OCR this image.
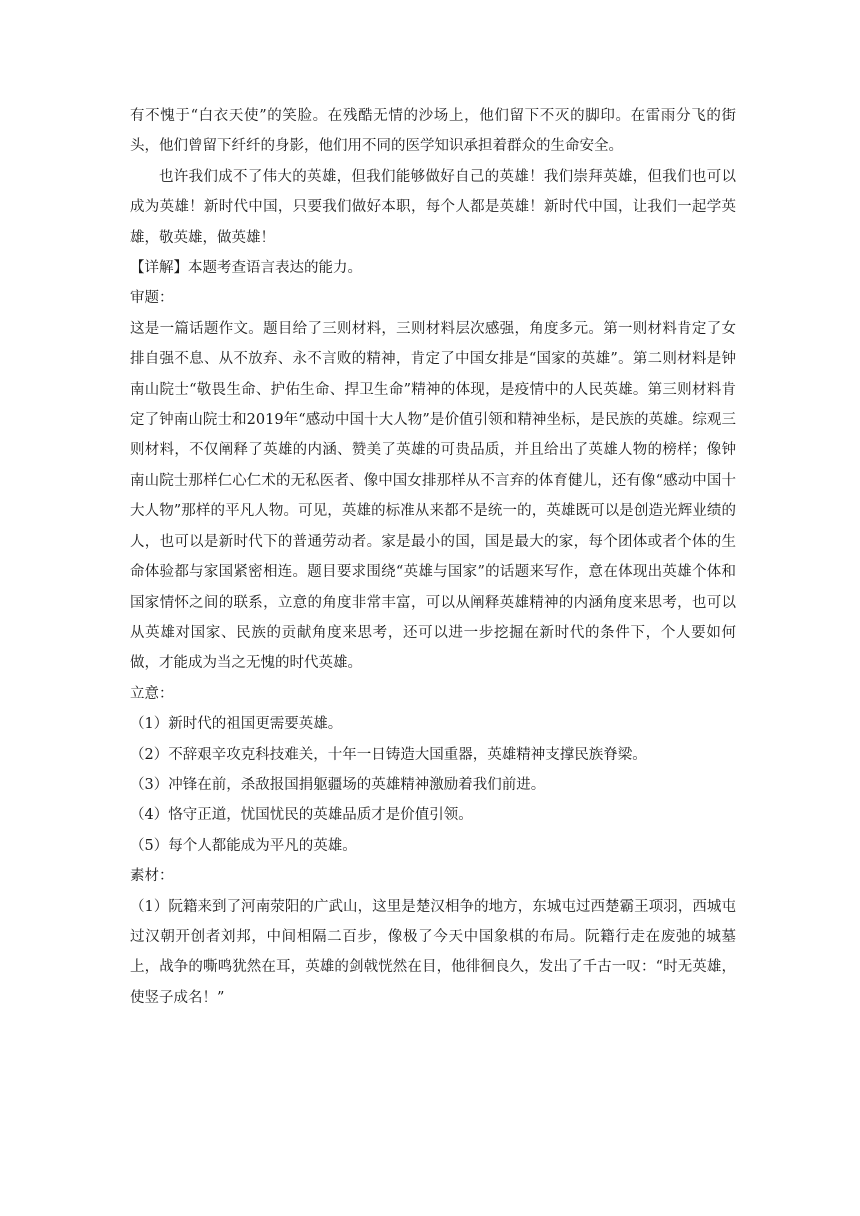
有不愧于“白衣天使”的笑脸。在残酷无情的沙场上，他们留下不灭的脚印。在雷雨分飞的街头，他们曾留下纤纤的身影，他们用不同的医学知识承担着群众的生命安全。

也许我们成不了伟大的英雄，但我们能够做好自己的英雄！我们崇拜英雄，但我们也可以成为英雄！新时代中国，只要我们做好本职，每个人都是英雄！新时代中国，让我们一起学英雄，敬英雄，做英雄！

【详解】本题考查语言表达的能力。

审题：

这是一篇话题作文。题目给了三则材料，三则材料层次感强，角度多元。第一则材料肯定了女排自强不息、从不放弃、永不言败的精神，肯定了中国女排是“国家的英雄”。第二则材料是钟南山院士“敬畏生命、护佑生命、捍卫生命”精神的体现，是疫情中的人民英雄。第三则材料肯定了钟南山院士和2019年“感动中国十大人物”是价值引领和精神坐标，是民族的英雄。综观三则材料，不仅阐释了英雄的内涵、赞美了英雄的可贵品质，并且给出了英雄人物的榜样；像钟南山院士那样仁心仁术的无私医者、像中国女排那样从不言弃的体育健儿，还有像“感动中国十大人物”那样的平凡人物。可见，英雄的标准从来都不是统一的，英雄既可以是创造光辉业绩的人，也可以是新时代下的普通劳动者。家是最小的国，国是最大的家，每个团体或者个体的生命体验都与家国紧密相连。题目要求围绕“英雄与国家”的话题来写作，意在体现出英雄个体和国家情怀之间的联系，立意的角度非常丰富，可以从阐释英雄精神的内涵角度来思考，也可以从英雄对国家、民族的贡献角度来思考，还可以进一步挖掘在新时代的条件下，个人要如何做，才能成为当之无愧的时代英雄。

立意：

（1）新时代的祖国更需要英雄。

（2）不辞艰辛攻克科技难关，十年一日铸造大国重器，英雄精神支撑民族脊梁。

（3）冲锋在前，杀敌报国捐躯疆场的英雄精神激励着我们前进。

（4）恪守正道，忧国忧民的英雄品质才是价值引领。

（5）每个人都能成为平凡的英雄。

素材：

（1）阮籍来到了河南荥阳的广武山，这里是楚汉相争的地方，东城屯过西楚霸王项羽，西城屯过汉朝开创者刘邦，中间相隔二百步，像极了今天中国象棋的布局。阮籍行走在废弛的城墓上，战争的嘶鸣犹然在耳，英雄的剑戟恍然在目，他徘徊良久，发出了千古一叹：“时无英雄，使竖子成名！”
